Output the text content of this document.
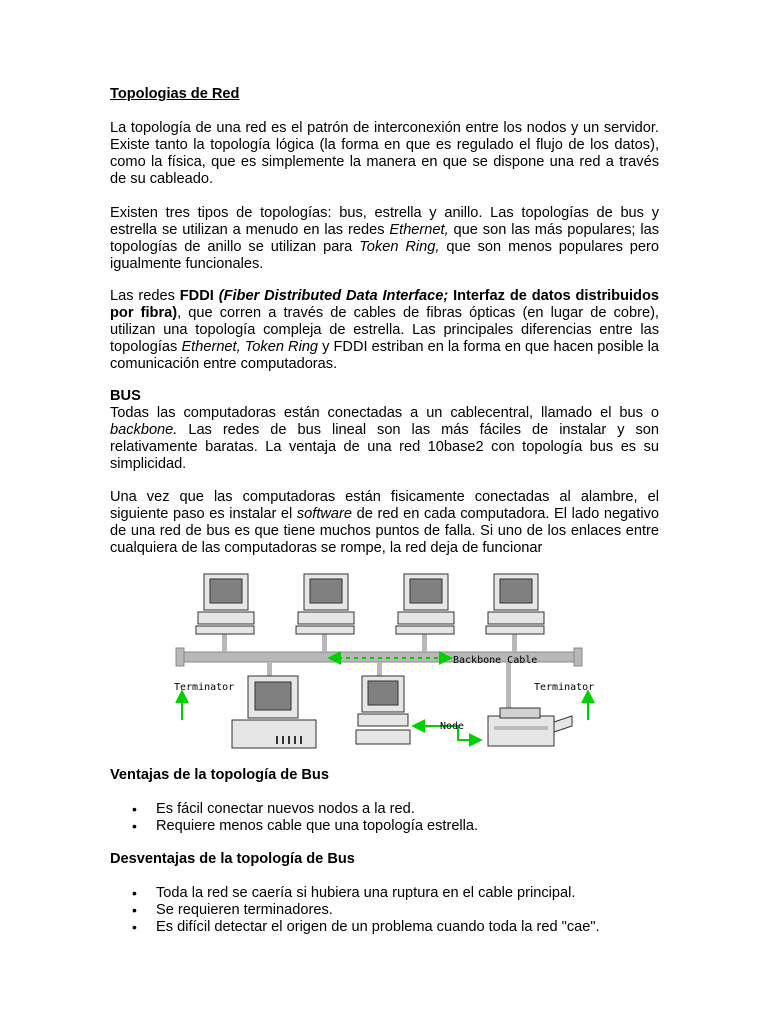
Topologias de Red

La topología de una red es el patrón de interconexión entre los nodos y un servidor. Existe tanto la topología lógica (la forma en que es regulado el flujo de los datos), como la física, que es simplemente la manera en que se dispone una red a través de su cableado.

Existen tres tipos de topologías: bus, estrella y anillo. Las topologías de bus y estrella se utilizan a menudo en las redes Ethernet, que son las más populares; las topologías de anillo se utilizan para Token Ring, que son menos populares pero igualmente funcionales.

Las redes FDDI (Fiber Distributed Data Interface; Interfaz de datos distribuidos por fibra), que corren a través de cables de fibras ópticas (en lugar de cobre), utilizan una topología compleja de estrella. Las principales diferencias entre las topologías Ethernet, Token Ring y FDDI estriban en la forma en que hacen posible la comunicación entre computadoras.

BUS

Todas las computadoras están conectadas a un cablecentral, llamado el bus o backbone. Las redes de bus lineal son las más fáciles de instalar y son relativamente baratas. La ventaja de una red 10base2 con topología bus es su simplicidad.

Una vez que las computadoras están fisicamente conectadas al alambre, el siguiente paso es instalar el software de red en cada computadora. El lado negativo de una red de bus es que tiene muchos puntos de falla. Si uno de los enlaces entre cualquiera de las computadoras se rompe, la red deja de funcionar

Backbone Cable
Terminator	Terminator
Node
Ventajas de la topología de Bus
• Es fácil conectar nuevos nodos a la red.
• Requiere menos cable que una topología estrella.
Desventajas de la topología de Bus
• Toda la red se caería si hubiera una ruptura en el cable principal.
• Se requieren terminadores.
• Es difícil detectar el origen de un problema cuando toda la red "cae".
